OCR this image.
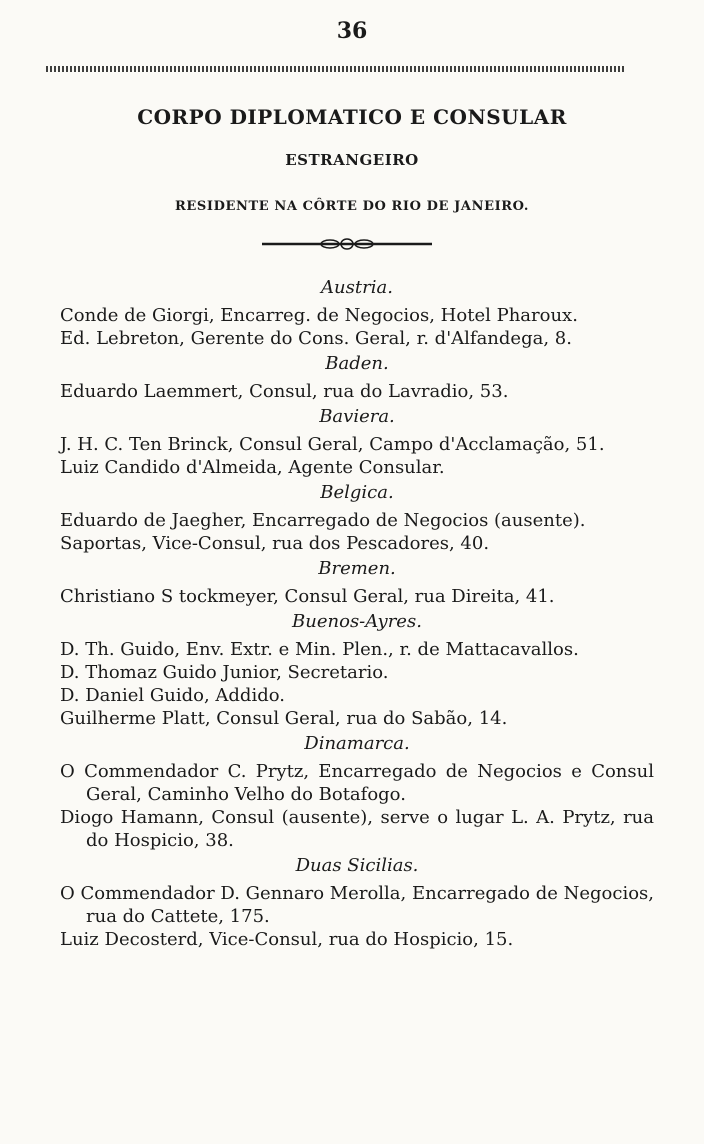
36
CORPO DIPLOMATICO E CONSULAR
ESTRANGEIRO
RESIDENTE NA CÔRTE DO RIO DE JANEIRO.
Austria.
Conde de Giorgi, Encarreg. de Negocios, Hotel Pharoux.
Ed. Lebreton, Gerente do Cons. Geral, r. d'Alfandega, 8.
Baden.
Eduardo Laemmert, Consul, rua do Lavradio, 53.
Baviera.
J. H. C. Ten Brinck, Consul Geral, Campo d'Acclamação, 51.
Luiz Candido d'Almeida, Agente Consular.
Belgica.
Eduardo de Jaegher, Encarregado de Negocios (ausente).
Saportas, Vice-Consul, rua dos Pescadores, 40.
Bremen.
Christiano S tockmeyer, Consul Geral, rua Direita, 41.
Buenos-Ayres.
D. Th. Guido, Env. Extr. e Min. Plen., r. de Mattacavallos.
D. Thomaz Guido Junior, Secretario.
D. Daniel Guido, Addido.
Guilherme Platt, Consul Geral, rua do Sabão, 14.
Dinamarca.
O Commendador C. Prytz, Encarregado de Negocios e Consul Geral, Caminho Velho do Botafogo.
Diogo Hamann, Consul (ausente), serve o lugar L. A. Prytz, rua do Hospicio, 38.
Duas Sicilias.
O Commendador D. Gennaro Merolla, Encarregado de Negocios, rua do Cattete, 175.
Luiz Decosterd, Vice-Consul, rua do Hospicio, 15.
